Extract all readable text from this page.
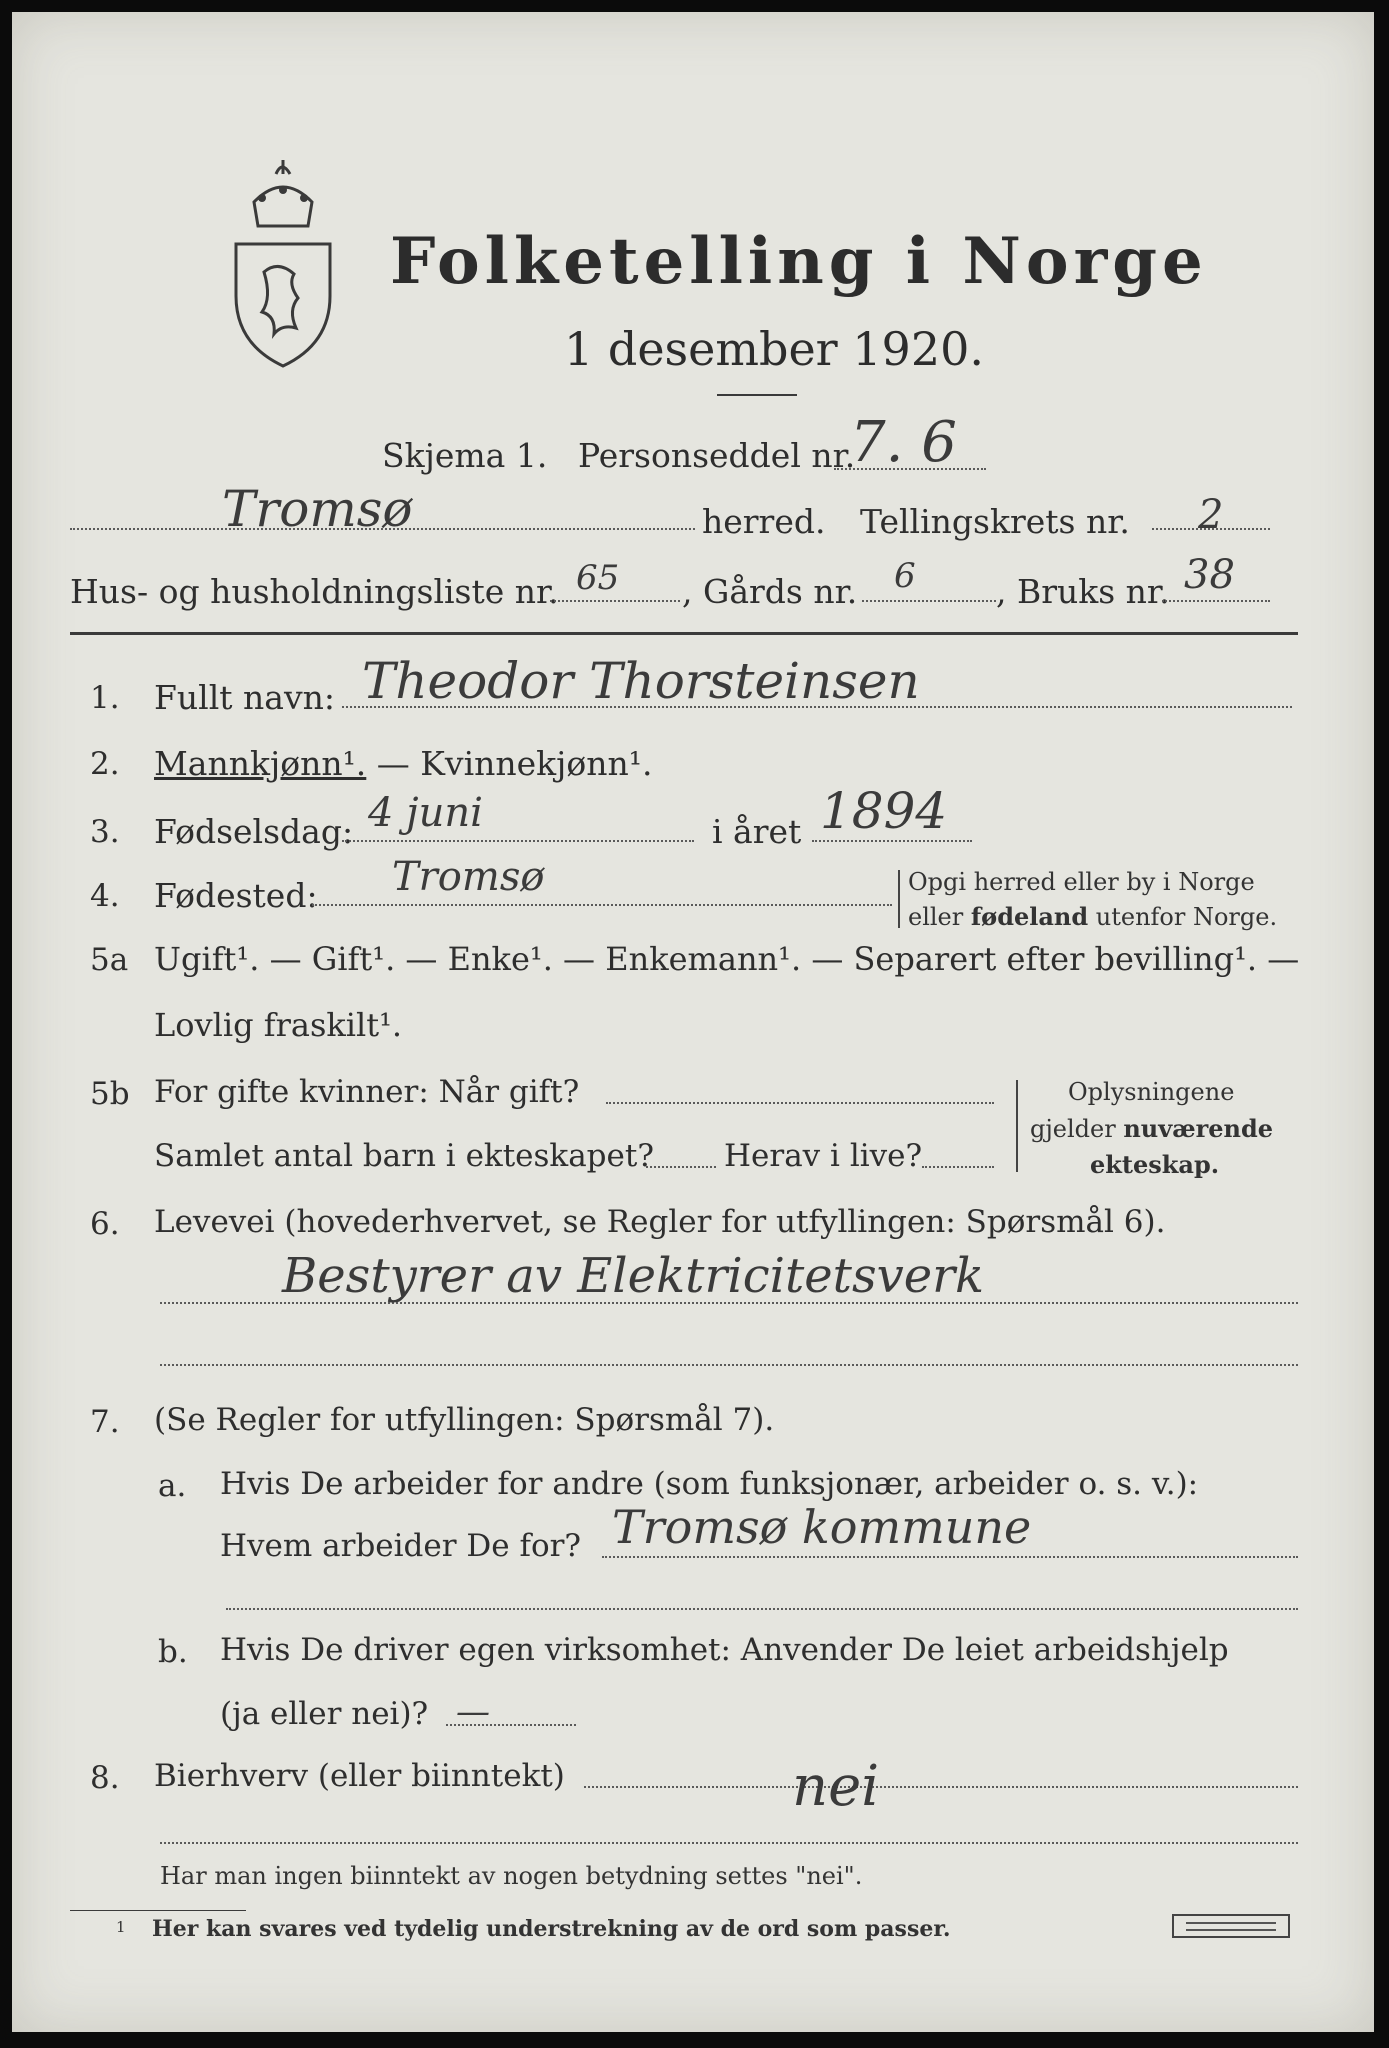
Folketelling i Norge
1 desember 1920.
Skjema 1. Personseddel nr.
7. 6
Tromsø	herred. Tellingskrets nr. 2
Hus- og husholdningsliste nr. 65 , Gårds nr. 6 , Bruks nr. 38
1. Fullt navn: Theodor Thorsteinsen
2. Mannkjønn¹. — Kvinnekjønn¹.
3. Fødselsdag: 4 juni	i året 1894
4. Fødested: Tromsø	Opgi herred eller by i Norge
eller fødeland utenfor Norge.
5a Ugift¹. — Gift¹. — Enke¹. — Enkemann¹. — Separert efter bevilling¹. —
Lovlig fraskilt¹.
5b For gifte kvinner: Når gift?
Samlet antal barn i ekteskapet? Herav i live?
Oplysningene
gjelder nuværende
ekteskap.
6. Levevei (hovederhvervet, se Regler for utfyllingen: Spørsmål 6).
Bestyrer av Elektricitetsverk
7. (Se Regler for utfyllingen: Spørsmål 7).
a. Hvis De arbeider for andre (som funksjonær, arbeider o. s. v.):
Hvem arbeider De for? Tromsø kommune
b. Hvis De driver egen virksomhet: Anvender De leiet arbeidshjelp
(ja eller nei)? —
8. Bierhverv (eller biinntekt)	nei
Har man ingen biinntekt av nogen betydning settes "nei".
1 Her kan svares ved tydelig understrekning av de ord som passer.
